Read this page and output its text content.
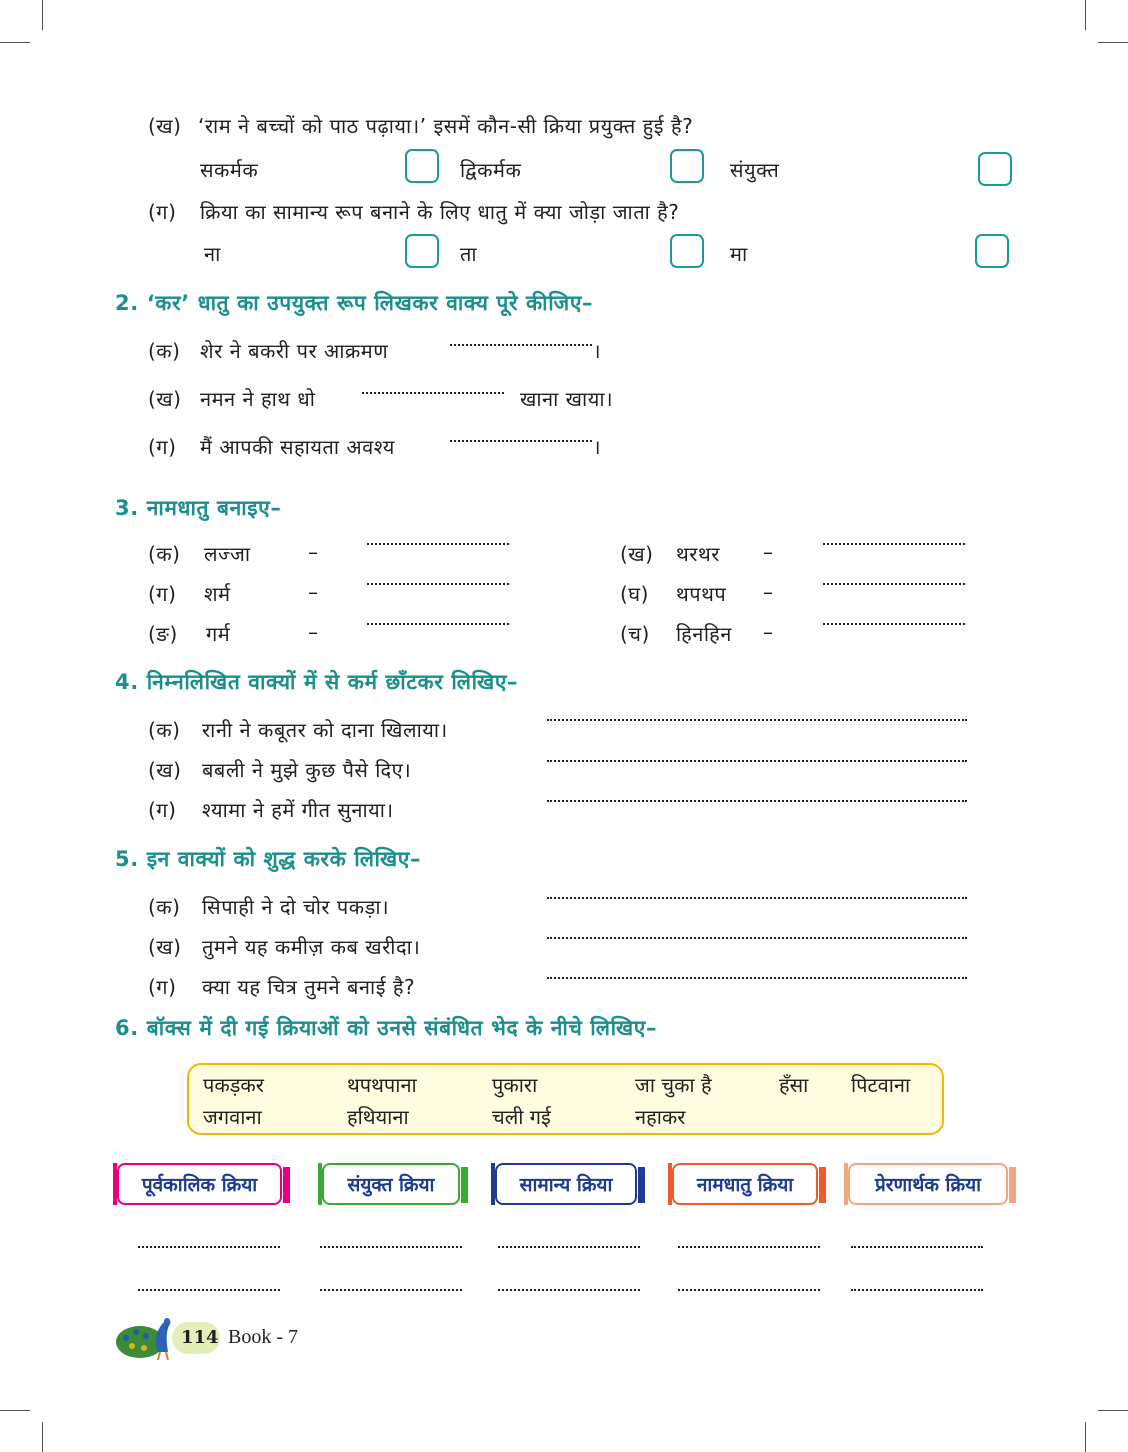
(ख) ‘राम ने बच्चों को पाठ पढ़ाया।’ इसमें कौन-सी क्रिया प्रयुक्त हुई है?
सकर्मक	द्विकर्मक	संयुक्त
(ग) क्रिया का सामान्य रूप बनाने के लिए धातु में क्या जोड़ा जाता है?
ना	ता	मा
2. ‘कर’ धातु का उपयुक्त रूप लिखकर वाक्य पूरे कीजिए–
(क) शेर ने बकरी पर आक्रमण	।
(ख) नमन ने हाथ धो	खाना खाया।
(ग) मैं आपकी सहायता अवश्य	।
3. नामधातु बनाइए–
(क) लज्जा	–	(ख) थरथर –
(ग) शर्म	–	(घ) थपथप –
(ङ) गर्म	–	(च) हिनहिन –
4. निम्नलिखित वाक्यों में से कर्म छाँटकर लिखिए–
(क) रानी ने कबूतर को दाना खिलाया।
(ख) बबली ने मुझे कुछ पैसे दिए।
(ग) श्यामा ने हमें गीत सुनाया।
5. इन वाक्यों को शुद्ध करके लिखिए–
(क) सिपाही ने दो चोर पकड़ा।
(ख) तुमने यह कमीज़ कब खरीदा।
(ग) क्या यह चित्र तुमने बनाई है?
6. बॉक्स में दी गई क्रियाओं को उनसे संबंधित भेद के नीचे लिखिए–
पकड़कर	थपथपाना	पुकारा	जा चुका है	हँसा पिटवाना
जगवाना	हथियाना	चली गई	नहाकर
पूर्वकालिक क्रिया	संयुक्त क्रिया	सामान्य क्रिया	नामधातु क्रिया	प्रेरणार्थक क्रिया
114 Book - 7
